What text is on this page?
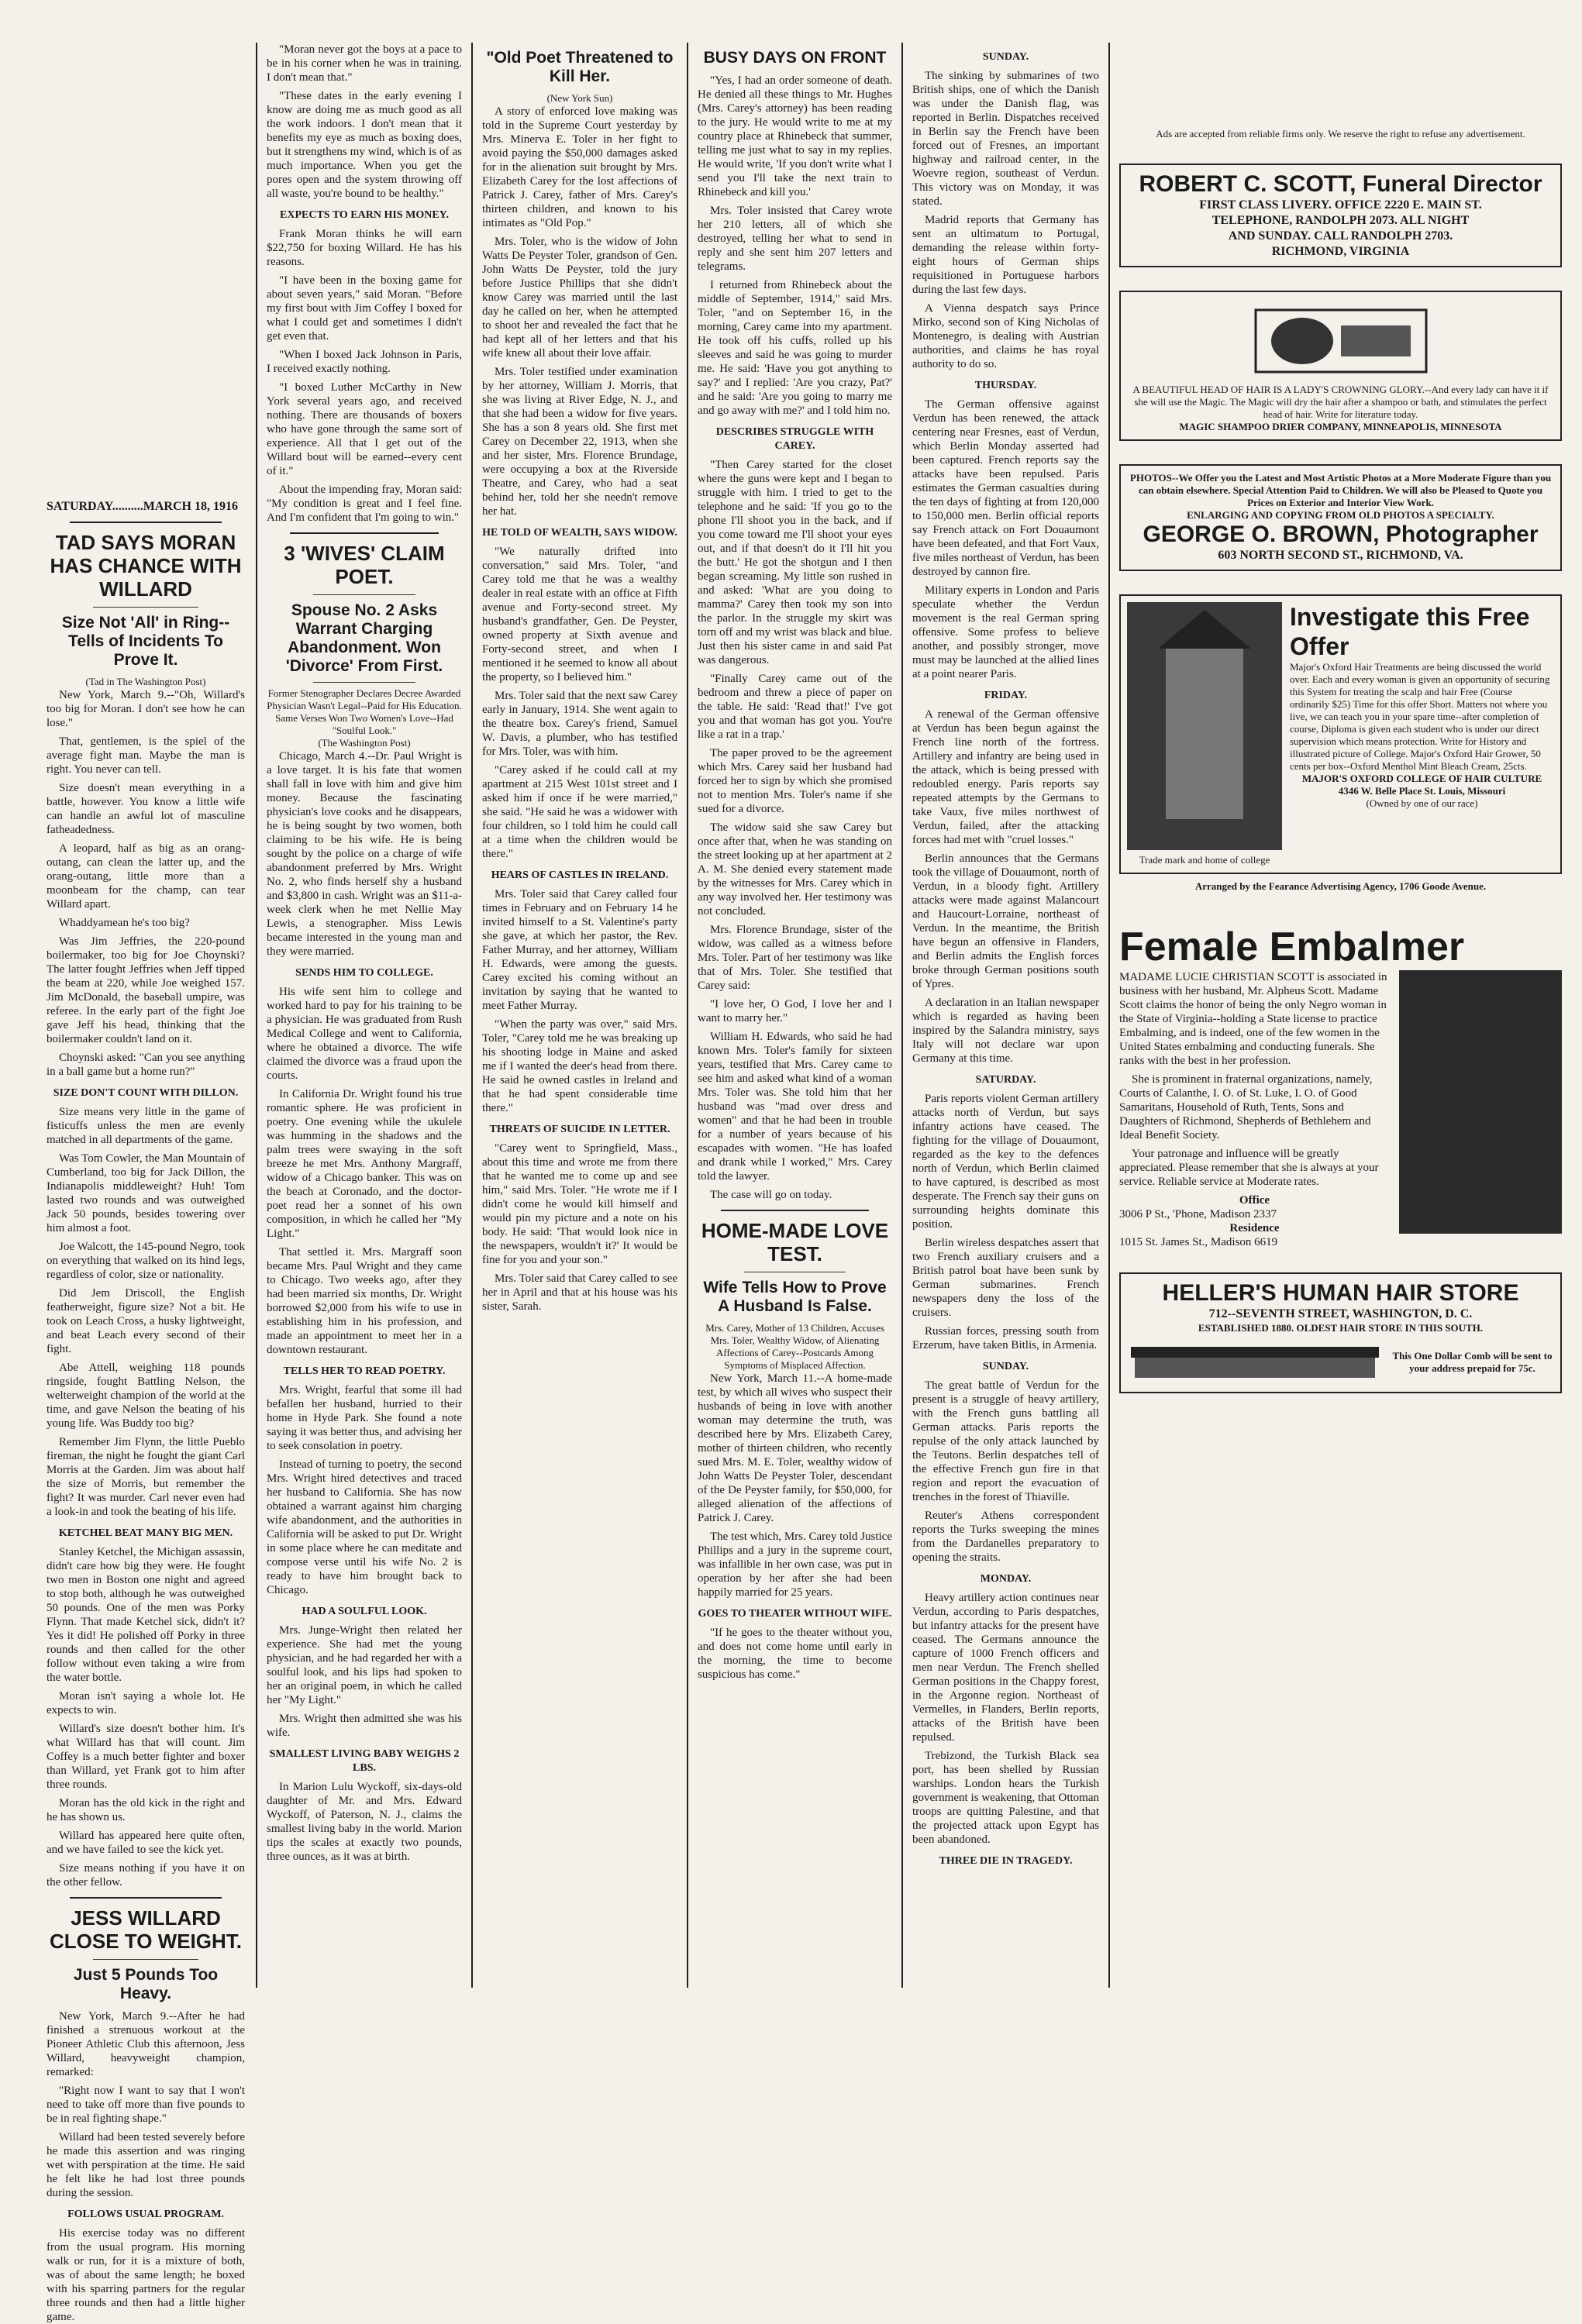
SATURDAY..........MARCH 18, 1916
TAD SAYS MORAN HAS CHANCE WITH WILLARD
Size Not 'All' in Ring--Tells of Incidents To Prove It.
(Tad in The Washington Post)

New York, March 9.--"Oh, Willard's too big for Moran. I don't see how he can lose."

That, gentlemen, is the spiel of the average fight man. Maybe the man is right. You never can tell.

Size doesn't mean everything in a battle, however. You know a little wife can handle an awful lot of masculine fatheadedness.

A leopard, half as big as an orang-outang, can clean the latter up, and the orang-outang, little more than a moonbeam for the champ, can tear Willard apart.

Whaddyamean he's too big?

Was Jim Jeffries, the 220-pound boilermaker, too big for Joe Choynski? The latter fought Jeffries when Jeff tipped the beam at 220, while Joe weighed 157. Jim McDonald, the baseball umpire, was referee. In the early part of the fight Joe gave Jeff his head, thinking that the boilermaker couldn't land on it.

Choynski asked: "Can you see anything in a ball game but a home run?"

SIZE DON'T COUNT WITH DILLON.

Size means very little in the game of fisticuffs unless the men are evenly matched in all departments of the game.

Was Tom Cowler, the Man Mountain of Cumberland, too big for Jack Dillon, the Indianapolis middleweight? Huh! Tom lasted two rounds and was outweighed Jack 50 pounds, besides towering over him almost a foot.

Joe Walcott, the 145-pound Negro, took on everything that walked on its hind legs, regardless of color, size or nationality.

Did Jem Driscoll, the English featherweight, figure size? Not a bit. He took on Leach Cross, a husky lightweight, and beat Leach every second of their fight.

Abe Attell, weighing 118 pounds ringside, fought Battling Nelson, the welterweight champion of the world at the time, and gave Nelson the beating of his young life. Was Buddy too big?

Remember Jim Flynn, the little Pueblo fireman, the night he fought the giant Carl Morris at the Garden. Jim was about half the size of Morris, but remember the fight? It was murder. Carl never even had a look-in and took the beating of his life.

KETCHEL BEAT MANY BIG MEN.

Stanley Ketchel, the Michigan assassin, didn't care how big they were. He fought two men in Boston one night and agreed to stop both, although he was outweighed 50 pounds. One of the men was Porky Flynn. That made Ketchel sick, didn't it? Yes it did! He polished off Porky in three rounds and then called for the other follow without even taking a wire from the water bottle.

Moran isn't saying a whole lot. He expects to win.

Willard's size doesn't bother him. It's what Willard has that will count. Jim Coffey is a much better fighter and boxer than Willard, yet Frank got to him after three rounds.

Moran has the old kick in the right and he has shown us.

Willard has appeared here quite often, and we have failed to see the kick yet.

Size means nothing if you have it on the other fellow.

JESS WILLARD CLOSE TO WEIGHT.
Just 5 Pounds Too Heavy.

New York, March 9.--After he had finished a strenuous workout at the Pioneer Athletic Club this afternoon, Jess Willard, heavyweight champion, remarked:

"Right now I want to say that I won't need to take off more than five pounds to be in real fighting shape."

Willard had been tested severely before he made this assertion and was ringing wet with perspiration at the time. He said he felt like he had lost three pounds during the session.

FOLLOWS USUAL PROGRAM.

His exercise today was no different from the usual program. His morning walk or run, for it is a mixture of both, was of about the same length; he boxed with his sparring partners for the regular three rounds and then had a little higher game.

"Moran never got the boys at a pace to be in his corner when he was in training. I don't mean that."

"These dates in the early evening I know are doing me as much good as all the work indoors. I don't mean that it benefits my eye as much as boxing does, but it strengthens my wind, which is of as much importance. When you get the pores open and the system throwing off all waste, you're bound to be healthy."

EXPECTS TO EARN HIS MONEY.

Frank Moran thinks he will earn $22,750 for boxing Willard. He has his reasons.

"I have been in the boxing game for about seven years," said Moran. "Before my first bout with Jim Coffey I boxed for what I could get and sometimes I didn't get even that.

"When I boxed Jack Johnson in Paris, I received exactly nothing.

"I boxed Luther McCarthy in New York several years ago, and received nothing. There are thousands of boxers who have gone through the same sort of experience. All that I get out of the Willard bout will be earned--every cent of it."

About the impending fray, Moran said: "My condition is great and I feel fine. And I'm confident that I'm going to win."

3 'WIVES' CLAIM POET.
Spouse No. 2 Asks Warrant Charging Abandonment. Won 'Divorce' From First.
Former Stenographer Declares Decree Awarded Physician Wasn't Legal--Paid for His Education. Same Verses Won Two Women's Love--Had "Soulful Look."
(The Washington Post)

Chicago, March 4.--Dr. Paul Wright is a love target. It is his fate that women shall fall in love with him and give him money. Because the fascinating physician's love cooks and he disappears, he is being sought by two women, both claiming to be his wife. He is being sought by the police on a charge of wife abandonment preferred by Mrs. Wright No. 2, who finds herself shy a husband and $3,800 in cash. Wright was an $11-a-week clerk when he met Nellie May Lewis, a stenographer. Miss Lewis became interested in the young man and they were married.

SENDS HIM TO COLLEGE.

His wife sent him to college and worked hard to pay for his training to be a physician. He was graduated from Rush Medical College and went to California, where he obtained a divorce. The wife claimed the divorce was a fraud upon the courts.

In California Dr. Wright found his true romantic sphere. He was proficient in poetry. One evening while the ukulele was humming in the shadows and the palm trees were swaying in the soft breeze he met Mrs. Anthony Margraff, widow of a Chicago banker. This was on the beach at Coronado, and the doctor-poet read her a sonnet of his own composition, in which he called her "My Light."

That settled it. Mrs. Margraff soon became Mrs. Paul Wright and they came to Chicago. Two weeks ago, after they had been married six months, Dr. Wright borrowed $2,000 from his wife to use in establishing him in his profession, and made an appointment to meet her in a downtown restaurant.

TELLS HER TO READ POETRY.

Mrs. Wright, fearful that some ill had befallen her husband, hurried to their home in Hyde Park. She found a note saying it was better thus, and advising her to seek consolation in poetry.

Instead of turning to poetry, the second Mrs. Wright hired detectives and traced her husband to California. She has now obtained a warrant against him charging wife abandonment, and the authorities in California will be asked to put Dr. Wright in some place where he can meditate and compose verse until his wife No. 2 is ready to have him brought back to Chicago.

HAD A SOULFUL LOOK.

Mrs. Junge-Wright then related her experience. She had met the young physician, and he had regarded her with a soulful look, and his lips had spoken to her an original poem, in which he called her "My Light."

Mrs. Wright then admitted she was his wife.

SMALLEST LIVING BABY WEIGHS 2 LBS.

In Marion Lulu Wyckoff, six-days-old daughter of Mr. and Mrs. Edward Wyckoff, of Paterson, N. J., claims the smallest living baby in the world. Marion tips the scales at exactly two pounds, three ounces, as it was at birth.

"Old Poet Threatened to Kill Her.
(New York Sun)

A story of enforced love making was told in the Supreme Court yesterday by Mrs. Minerva E. Toler in her fight to avoid paying the $50,000 damages asked for in the alienation suit brought by Mrs. Elizabeth Carey for the lost affections of Patrick J. Carey, father of Mrs. Carey's thirteen children, and known to his intimates as "Old Pop."

Mrs. Toler, who is the widow of John Watts De Peyster Toler, grandson of Gen. John Watts De Peyster, told the jury before Justice Phillips that she didn't know Carey was married until the last day he called on her, when he attempted to shoot her and revealed the fact that he had kept all of her letters and that his wife knew all about their love affair.

Mrs. Toler testified under examination by her attorney, William J. Morris, that she was living at River Edge, N. J., and that she had been a widow for five years. She has a son 8 years old. She first met Carey on December 22, 1913, when she and her sister, Mrs. Florence Brundage, were occupying a box at the Riverside Theatre, and Carey, who had a seat behind her, told her she needn't remove her hat.

HE TOLD OF WEALTH, SAYS WIDOW.

"We naturally drifted into conversation," said Mrs. Toler, "and Carey told me that he was a wealthy dealer in real estate with an office at Fifth avenue and Forty-second street. My husband's grandfather, Gen. De Peyster, owned property at Sixth avenue and Forty-second street, and when I mentioned it he seemed to know all about the property, so I believed him."

Mrs. Toler said that the next saw Carey early in January, 1914. She went again to the theatre box. Carey's friend, Samuel W. Davis, a plumber, who has testified for Mrs. Toler, was with him.

"Carey asked if he could call at my apartment at 215 West 101st street and I asked him if once if he were married," she said. "He said he was a widower with four children, so I told him he could call at a time when the children would be there."

HEARS OF CASTLES IN IRELAND.

Mrs. Toler said that Carey called four times in February and on February 14 he invited himself to a St. Valentine's party she gave, at which her pastor, the Rev. Father Murray, and her attorney, William H. Edwards, were among the guests. Carey excited his coming without an invitation by saying that he wanted to meet Father Murray.

"When the party was over," said Mrs. Toler, "Carey told me he was breaking up his shooting lodge in Maine and asked me if I wanted the deer's head from there. He said he owned castles in Ireland and that he had spent considerable time there."

THREATS OF SUICIDE IN LETTER.

"Carey went to Springfield, Mass., about this time and wrote me from there that he wanted me to come up and see him," said Mrs. Toler. "He wrote me if I didn't come he would kill himself and would pin my picture and a note on his body. He said: 'That would look nice in the newspapers, wouldn't it?' It would be fine for you and your son."

Mrs. Toler said that Carey called to see her in April and that at his house was his sister, Sarah.

BUSY DAYS ON FRONT

"Yes, I had an order someone of death. He denied all these things to Mr. Hughes (Mrs. Carey's attorney) has been reading to the jury. He would write to me at my country place at Rhinebeck that summer, telling me just what to say in my replies. He would write, 'If you don't write what I send you I'll take the next train to Rhinebeck and kill you.'

Mrs. Toler insisted that Carey wrote her 210 letters, all of which she destroyed, telling her what to send in reply and she sent him 207 letters and telegrams.

I returned from Rhinebeck about the middle of September, 1914," said Mrs. Toler, "and on September 16, in the morning, Carey came into my apartment. He took off his cuffs, rolled up his sleeves and said he was going to murder me. He said: 'Have you got anything to say?' and I replied: 'Are you crazy, Pat?' and he said: 'Are you going to marry me and go away with me?' and I told him no.

DESCRIBES STRUGGLE WITH CAREY.

"Then Carey started for the closet where the guns were kept and I began to struggle with him. I tried to get to the telephone and he said: 'If you go to the phone I'll shoot you in the back, and if you come toward me I'll shoot your eyes out, and if that doesn't do it I'll hit you the butt.' He got the shotgun and I then began screaming. My little son rushed in and asked: 'What are you doing to mamma?' Carey then took my son into the parlor. In the struggle my skirt was torn off and my wrist was black and blue. Just then his sister came in and said Pat was dangerous.

"Finally Carey came out of the bedroom and threw a piece of paper on the table. He said: 'Read that!' I've got you and that woman has got you. You're like a rat in a trap.'

The paper proved to be the agreement which Mrs. Carey said her husband had forced her to sign by which she promised not to mention Mrs. Toler's name if she sued for a divorce.

The widow said she saw Carey but once after that, when he was standing on the street looking up at her apartment at 2 A. M. She denied every statement made by the witnesses for Mrs. Carey which in any way involved her. Her testimony was not concluded.

Mrs. Florence Brundage, sister of the widow, was called as a witness before Mrs. Toler. Part of her testimony was like that of Mrs. Toler. She testified that Carey said:

"I love her, O God, I love her and I want to marry her."

William H. Edwards, who said he had known Mrs. Toler's family for sixteen years, testified that Mrs. Carey came to see him and asked what kind of a woman Mrs. Toler was. She told him that her husband was "mad over dress and women" and that he had been in trouble for a number of years because of his escapades with women. "He has loafed and drank while I worked," Mrs. Carey told the lawyer.

The case will go on today.

HOME-MADE LOVE TEST.
Wife Tells How to Prove A Husband Is False.
Mrs. Carey, Mother of 13 Children, Accuses Mrs. Toler, Wealthy Widow, of Alienating Affections of Carey--Postcards Among Symptoms of Misplaced Affection.

New York, March 11.--A home-made test, by which all wives who suspect their husbands of being in love with another woman may determine the truth, was described here by Mrs. Elizabeth Carey, mother of thirteen children, who recently sued Mrs. M. E. Toler, wealthy widow of John Watts De Peyster Toler, descendant of the De Peyster family, for $50,000, for alleged alienation of the affections of Patrick J. Carey.

The test which, Mrs. Carey told Justice Phillips and a jury in the supreme court, was infallible in her own case, was put in operation by her after she had been happily married for 25 years.

GOES TO THEATER WITHOUT WIFE.

"If he goes to the theater without you, and does not come home until early in the morning, the time to become suspicious has come."

SUNDAY.

The sinking by submarines of two British ships, one of which the Danish was under the Danish flag, was reported in Berlin. Dispatches received in Berlin say the French have been forced out of Fresnes, an important highway and railroad center, in the Woevre region, southeast of Verdun. This victory was on Monday, it was stated.

Madrid reports that Germany has sent an ultimatum to Portugal, demanding the release within forty-eight hours of German ships requisitioned in Portuguese harbors during the last few days.

A Vienna despatch says Prince Mirko, second son of King Nicholas of Montenegro, is dealing with Austrian authorities, and claims he has royal authority to do so.

THURSDAY.

The German offensive against Verdun has been renewed, the attack centering near Fresnes, east of Verdun, which Berlin Monday asserted had been captured. French reports say the attacks have been repulsed. Paris estimates the German casualties during the ten days of fighting at from 120,000 to 150,000 men. Berlin official reports say French attack on Fort Douaumont have been defeated, and that Fort Vaux, five miles northeast of Verdun, has been destroyed by cannon fire.

Military experts in London and Paris speculate whether the Verdun movement is the real German spring offensive. Some profess to believe another, and possibly stronger, move must may be launched at the allied lines at a point nearer Paris.

FRIDAY.

A renewal of the German offensive at Verdun has been begun against the French line north of the fortress. Artillery and infantry are being used in the attack, which is being pressed with redoubled energy. Paris reports say repeated attempts by the Germans to take Vaux, five miles northwest of Verdun, failed, after the attacking forces had met with "cruel losses."

Berlin announces that the Germans took the village of Douaumont, north of Verdun, in a bloody fight. Artillery attacks were made against Malancourt and Haucourt-Lorraine, northeast of Verdun. In the meantime, the British have begun an offensive in Flanders, and Berlin admits the English forces broke through German positions south of Ypres.

A declaration in an Italian newspaper which is regarded as having been inspired by the Salandra ministry, says Italy will not declare war upon Germany at this time.

SATURDAY.

Paris reports violent German artillery attacks north of Verdun, but says infantry actions have ceased. The fighting for the village of Douaumont, regarded as the key to the defences north of Verdun, which Berlin claimed to have captured, is described as most desperate. The French say their guns on surrounding heights dominate this position.

Berlin wireless despatches assert that two French auxiliary cruisers and a British patrol boat have been sunk by German submarines. French newspapers deny the loss of the cruisers.

Russian forces, pressing south from Erzerum, have taken Bitlis, in Armenia.

SUNDAY.

The great battle of Verdun for the present is a struggle of heavy artillery, with the French guns battling all German attacks. Paris reports the repulse of the only attack launched by the Teutons. Berlin despatches tell of the effective French gun fire in that region and report the evacuation of trenches in the forest of Thiaville.

Reuter's Athens correspondent reports the Turks sweeping the mines from the Dardanelles preparatory to opening the straits.

MONDAY.

Heavy artillery action continues near Verdun, according to Paris despatches, but infantry attacks for the present have ceased. The Germans announce the capture of 1000 French officers and men near Verdun. The French shelled German positions in the Chappy forest, in the Argonne region. Northeast of Vermelles, in Flanders, Berlin reports, attacks of the British have been repulsed.

Trebizond, the Turkish Black sea port, has been shelled by Russian warships. London hears the Turkish government is weakening, that Ottoman troops are quitting Palestine, and that the projected attack upon Egypt has been abandoned.

THREE DIE IN TRAGEDY.
Ads are accepted from reliable firms only. We reserve the right to refuse any advertisement.
ROBERT C. SCOTT, Funeral Director
FIRST CLASS LIVERY. OFFICE 2220 E. MAIN ST.
TELEPHONE, RANDOLPH 2073. ALL NIGHT
AND SUNDAY. CALL RANDOLPH 2703.
RICHMOND, VIRGINIA
A BEAUTIFUL HEAD OF HAIR IS A LADY'S CROWNING GLORY.--And every lady can have it if she will use the Magic. The Magic will dry the hair after a shampoo or bath, and stimulates the perfect head of hair. Write for literature today.
MAGIC SHAMPOO DRIER COMPANY, MINNEAPOLIS, MINNESOTA
PHOTOS--We Offer you the Latest and Most Artistic Photos at a More Moderate Figure than you can obtain elsewhere. Special Attention Paid to Children. We will also be Pleased to Quote you Prices on Exterior and Interior View Work.
ENLARGING AND COPYING FROM OLD PHOTOS A SPECIALTY.
GEORGE O. BROWN, Photographer
603 NORTH SECOND ST., RICHMOND, VA.
Trade mark and home of college
Investigate this Free Offer
Major's Oxford Hair Treatments are being discussed the world over. Each and every woman is given an opportunity of securing this System for treating the scalp and hair Free (Course ordinarily $25) Time for this offer Short. Matters not where you live, we can teach you in your spare time--after completion of course, Diploma is given each student who is under our direct supervision which means protection. Write for History and illustrated picture of College. Major's Oxford Hair Grower, 50 cents per box--Oxford Menthol Mint Bleach Cream, 25cts.
MAJOR'S OXFORD COLLEGE OF HAIR CULTURE
4346 W. Belle Place St. Louis, Missouri
(Owned by one of our race)
Arranged by the Fearance Advertising Agency, 1706 Goode Avenue.
Female Embalmer

MADAME LUCIE CHRISTIAN SCOTT is associated in business with her husband, Mr. Alpheus Scott. Madame Scott claims the honor of being the only Negro woman in the State of Virginia--holding a State license to practice Embalming, and is indeed, one of the few women in the United States embalming and conducting funerals. She ranks with the best in her profession.

She is prominent in fraternal organizations, namely, Courts of Calanthe, I. O. of St. Luke, I. O. of Good Samaritans, Household of Ruth, Tents, Sons and Daughters of Richmond, Shepherds of Bethlehem and Ideal Benefit Society.

Your patronage and influence will be greatly appreciated. Please remember that she is always at your service. Reliable service at Moderate rates.

Office
3006 P St., 'Phone, Madison 2337
Residence
1015 St. James St., Madison 6619
HELLER'S HUMAN HAIR STORE
712--SEVENTH STREET, WASHINGTON, D. C.
ESTABLISHED 1880. OLDEST HAIR STORE IN THIS SOUTH.
This One Dollar Comb will be sent to your address prepaid for 75c.
